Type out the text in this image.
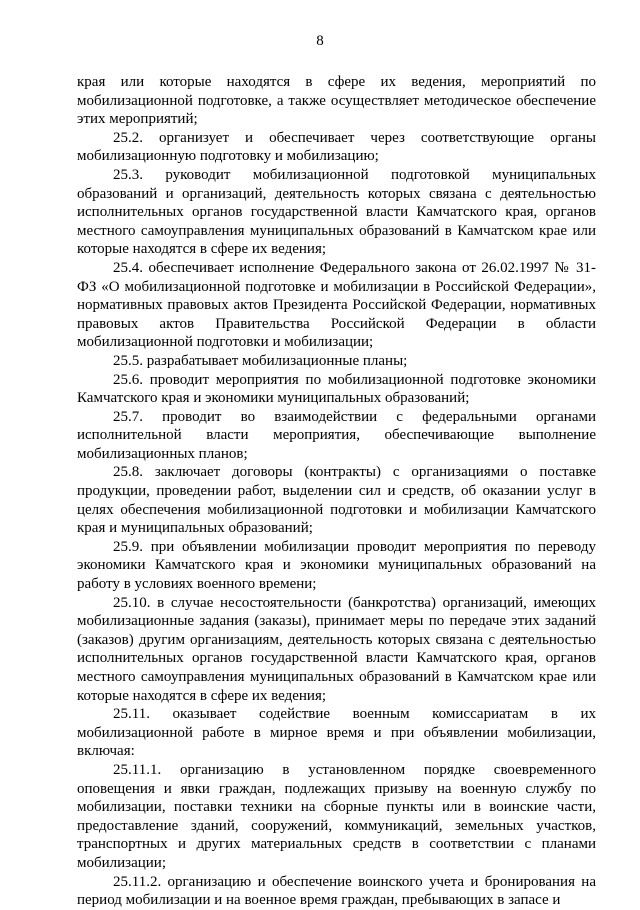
8

края или которые находятся в сфере их ведения, мероприятий по мобилизационной подготовке, а также осуществляет методическое обеспечение этих мероприятий;

25.2. организует и обеспечивает через соответствующие органы мобилизационную подготовку и мобилизацию;

25.3. руководит мобилизационной подготовкой муниципальных образований и организаций, деятельность которых связана с деятельностью исполнительных органов государственной власти Камчатского края, органов местного самоуправления муниципальных образований в Камчатском крае или которые находятся в сфере их ведения;

25.4. обеспечивает исполнение Федерального закона от 26.02.1997 № 31-ФЗ «О мобилизационной подготовке и мобилизации в Российской Федерации», нормативных правовых актов Президента Российской Федерации, нормативных правовых актов Правительства Российской Федерации в области мобилизационной подготовки и мобилизации;

25.5. разрабатывает мобилизационные планы;

25.6. проводит мероприятия по мобилизационной подготовке экономики Камчатского края и экономики муниципальных образований;

25.7. проводит во взаимодействии с федеральными органами исполнительной власти мероприятия, обеспечивающие выполнение мобилизационных планов;

25.8. заключает договоры (контракты) с организациями о поставке продукции, проведении работ, выделении сил и средств, об оказании услуг в целях обеспечения мобилизационной подготовки и мобилизации Камчатского края и муниципальных образований;

25.9. при объявлении мобилизации проводит мероприятия по переводу экономики Камчатского края и экономики муниципальных образований на работу в условиях военного времени;

25.10. в случае несостоятельности (банкротства) организаций, имеющих мобилизационные задания (заказы), принимает меры по передаче этих заданий (заказов) другим организациям, деятельность которых связана с деятельностью исполнительных органов государственной власти Камчатского края, органов местного самоуправления муниципальных образований в Камчатском крае или которые находятся в сфере их ведения;

25.11. оказывает содействие военным комиссариатам в их мобилизационной работе в мирное время и при объявлении мобилизации, включая:

25.11.1. организацию в установленном порядке своевременного оповещения и явки граждан, подлежащих призыву на военную службу по мобилизации, поставки техники на сборные пункты или в воинские части, предоставление зданий, сооружений, коммуникаций, земельных участков, транспортных и других материальных средств в соответствии с планами мобилизации;

25.11.2. организацию и обеспечение воинского учета и бронирования на период мобилизации и на военное время граждан, пребывающих в запасе и
